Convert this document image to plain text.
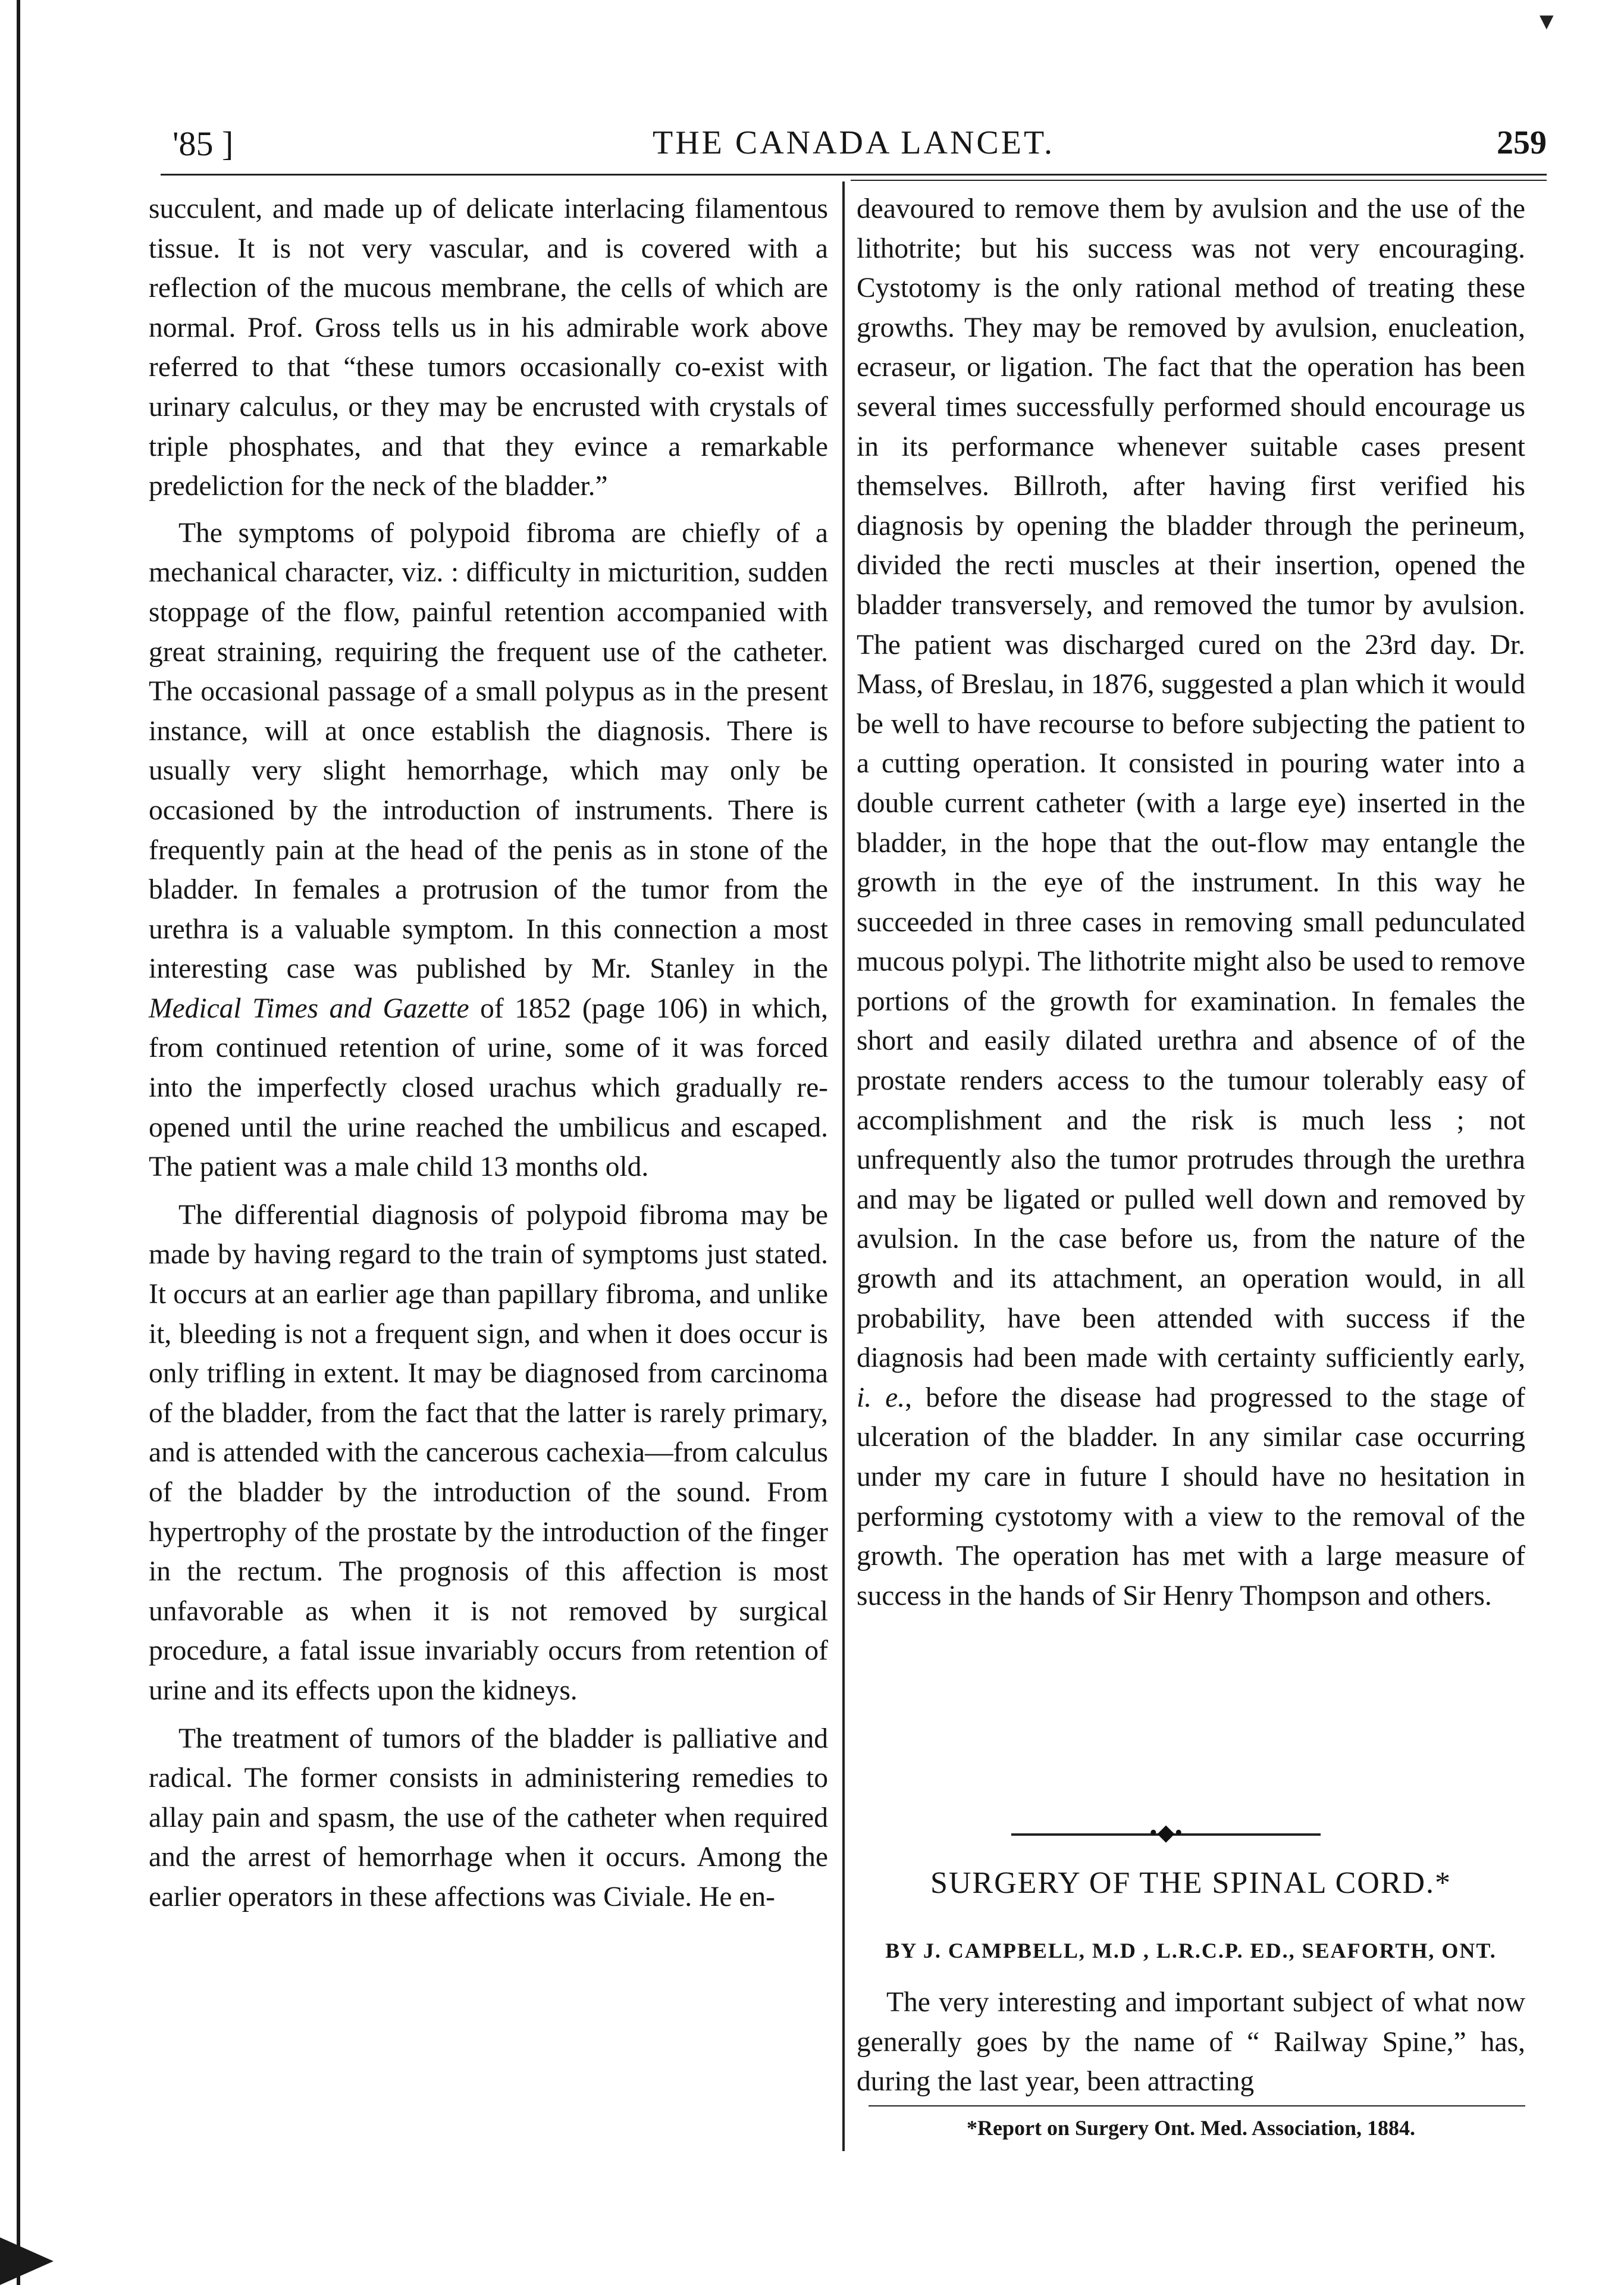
▼
'85 ]	THE CANADA LANCET.	259

succulent, and made up of delicate interlacing filamentous tissue. It is not very vascular, and is covered with a reflection of the mucous membrane, the cells of which are normal. Prof. Gross tells us in his admirable work above referred to that “these tumors occasionally co-exist with urinary calculus, or they may be encrusted with crystals of triple phosphates, and that they evince a remarkable predeliction for the neck of the bladder.”

The symptoms of polypoid fibroma are chiefly of a mechanical character, viz. : difficulty in micturition, sudden stoppage of the flow, painful retention accompanied with great straining, requiring the frequent use of the catheter. The occasional passage of a small polypus as in the present instance, will at once establish the diagnosis. There is usually very slight hemorrhage, which may only be occasioned by the introduction of instruments. There is frequently pain at the head of the penis as in stone of the bladder. In females a protrusion of the tumor from the urethra is a valuable symptom. In this connection a most interesting case was published by Mr. Stanley in the Medical Times and Gazette of 1852 (page 106) in which, from continued retention of urine, some of it was forced into the imperfectly closed urachus which gradually re-opened until the urine reached the umbilicus and escaped. The patient was a male child 13 months old.

The differential diagnosis of polypoid fibroma may be made by having regard to the train of symptoms just stated. It occurs at an earlier age than papillary fibroma, and unlike it, bleeding is not a frequent sign, and when it does occur is only trifling in extent. It may be diagnosed from carcinoma of the bladder, from the fact that the latter is rarely primary, and is attended with the cancerous cachexia—from calculus of the bladder by the introduction of the sound. From hypertrophy of the prostate by the introduction of the finger in the rectum. The prognosis of this affection is most unfavorable as when it is not removed by surgical procedure, a fatal issue invariably occurs from retention of urine and its effects upon the kidneys.

The treatment of tumors of the bladder is palliative and radical. The former consists in administering remedies to allay pain and spasm, the use of the catheter when required and the arrest of hemorrhage when it occurs. Among the earlier operators in these affections was Civiale. He en-

deavoured to remove them by avulsion and the use of the lithotrite; but his success was not very encouraging. Cystotomy is the only rational method of treating these growths. They may be removed by avulsion, enucleation, ecraseur, or ligation. The fact that the operation has been several times successfully performed should encourage us in its performance whenever suitable cases present themselves. Billroth, after having first verified his diagnosis by opening the bladder through the perineum, divided the recti muscles at their insertion, opened the bladder transversely, and removed the tumor by avulsion. The patient was discharged cured on the 23rd day. Dr. Mass, of Breslau, in 1876, suggested a plan which it would be well to have recourse to before subjecting the patient to a cutting operation. It consisted in pouring water into a double current catheter (with a large eye) inserted in the bladder, in the hope that the out-flow may entangle the growth in the eye of the instrument. In this way he succeeded in three cases in removing small pedunculated mucous polypi. The lithotrite might also be used to remove portions of the growth for examination. In females the short and easily dilated urethra and absence of of the prostate renders access to the tumour tolerably easy of accomplishment and the risk is much less ; not unfrequently also the tumor protrudes through the urethra and may be ligated or pulled well down and removed by avulsion. In the case before us, from the nature of the growth and its attachment, an operation would, in all probability, have been attended with success if the diagnosis had been made with certainty sufficiently early, i. e., before the disease had progressed to the stage of ulceration of the bladder. In any similar case occurring under my care in future I should have no hesitation in performing cystotomy with a view to the removal of the growth. The operation has met with a large measure of success in the hands of Sir Henry Thompson and others.

•◆•
SURGERY OF THE SPINAL CORD.*
BY J. CAMPBELL, M.D , L.R.C.P. ED., SEAFORTH, ONT.

The very interesting and important subject of what now generally goes by the name of “ Railway Spine,” has, during the last year, been attracting

*Report on Surgery Ont. Med. Association, 1884.
